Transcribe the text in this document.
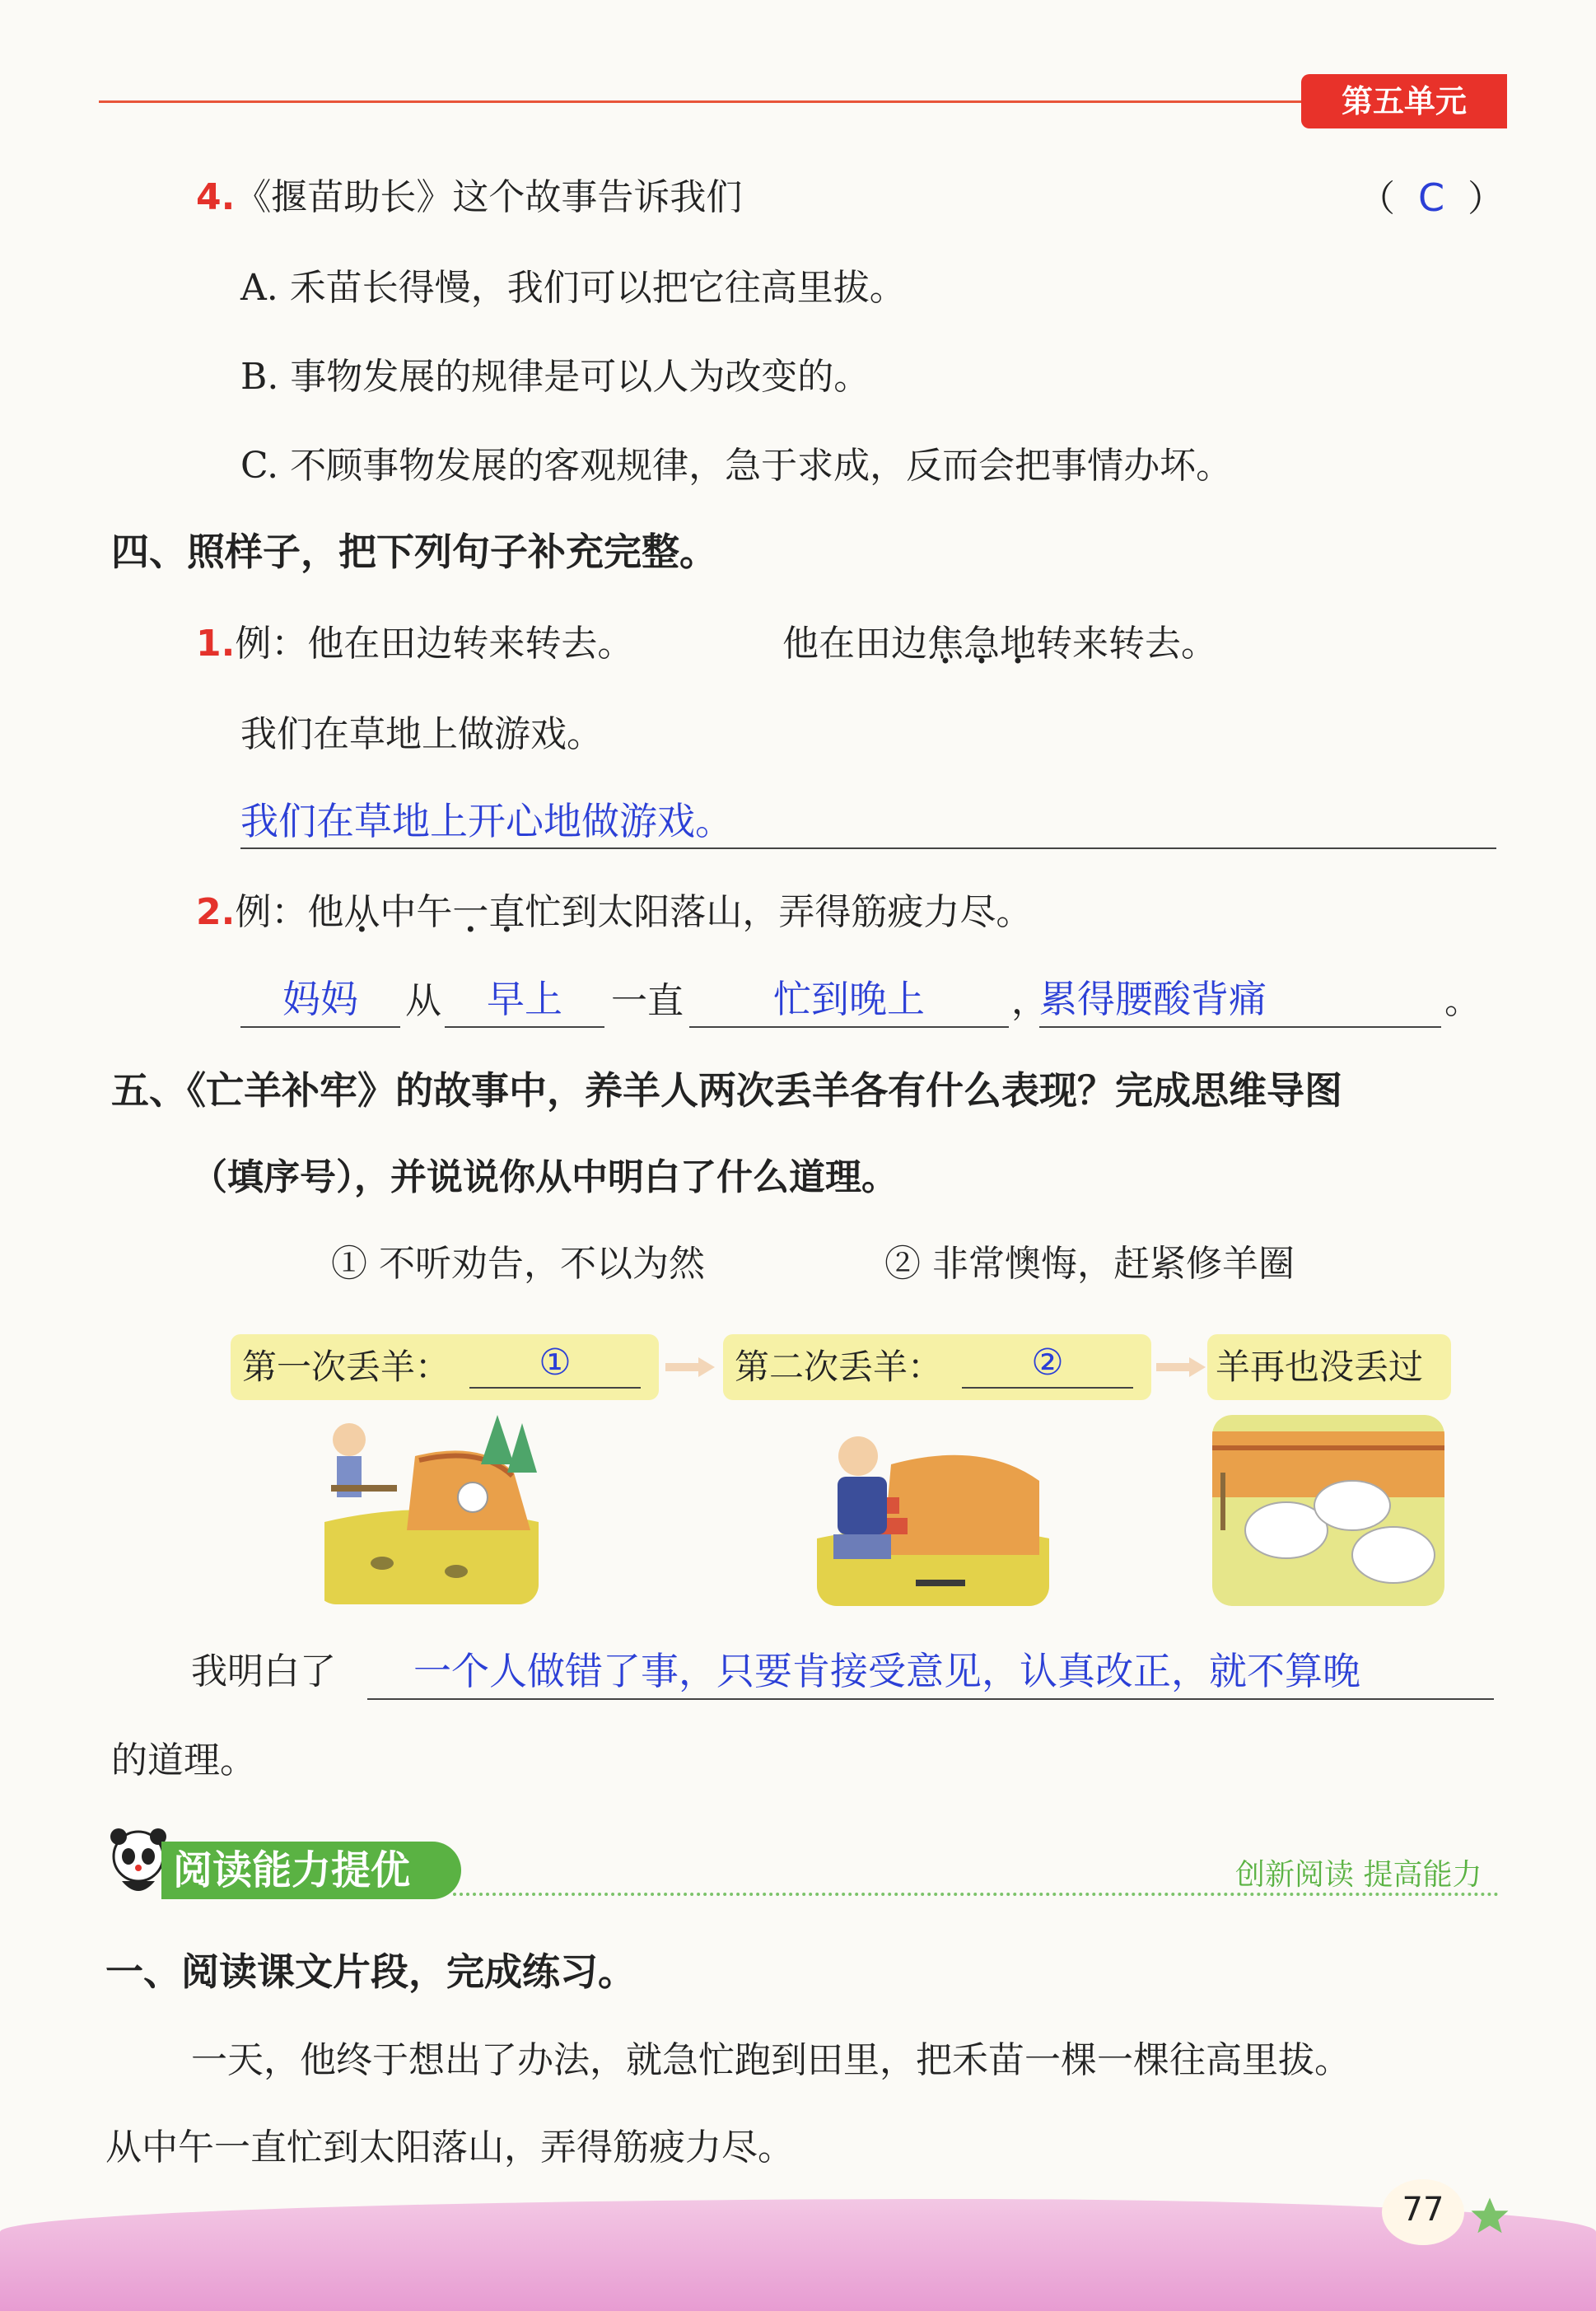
第五单元
4.《揠苗助长》这个故事告诉我们	（ C ）
A. 禾苗长得慢，我们可以把它往高里拔。
B. 事物发展的规律是可以人为改变的。
C. 不顾事物发展的客观规律，急于求成，反而会把事情办坏。
四、照样子，把下列句子补充完整。
1.例：他在田边转来转去。	他在田边焦急地转来转去。
我们在草地上做游戏。
我们在草地上开心地做游戏。
2.例：他从中午一直忙到太阳落山，弄得筋疲力尽。
妈妈	从	早上	一直	忙到晚上	，
累得腰酸背痛	。
五、《亡羊补牢》的故事中，养羊人两次丢羊各有什么表现？完成思维导图
（填序号），并说说你从中明白了什么道理。
① 不听劝告，不以为然	② 非常懊悔，赶紧修羊圈
第一次丢羊：	①	第二次丢羊：	②	羊再也没丢过
我明白了	一个人做错了事，只要肯接受意见，认真改正，就不算晚
的道理。
阅读能力提优	创新阅读 提高能力
一、阅读课文片段，完成练习。
一天，他终于想出了办法，就急忙跑到田里，把禾苗一棵一棵往高里拔。
从中午一直忙到太阳落山，弄得筋疲力尽。
77
